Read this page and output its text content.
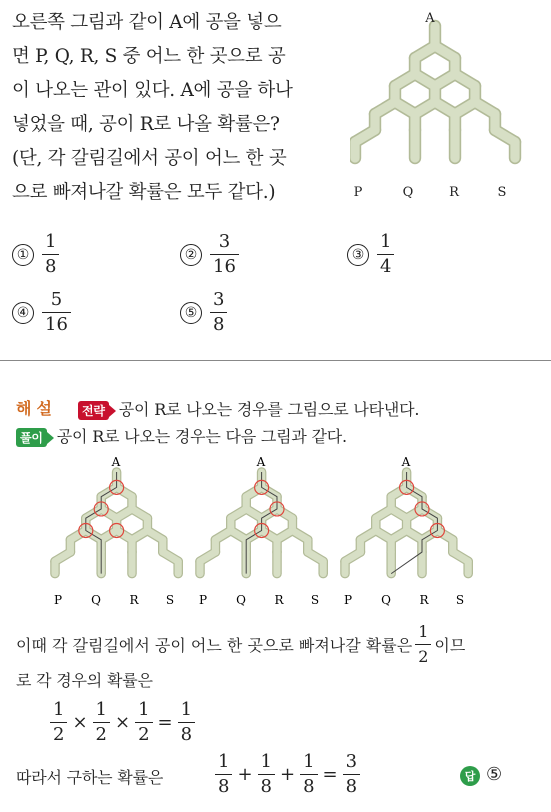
오른쪽 그림과 같이 A에 공을 넣으
면 P, Q, R, S 중 어느 한 곳으로 공
이 나오는 관이 있다. A에 공을 하나
넣었을 때, 공이 R로 나올 확률은?
(단, 각 갈림길에서 공이 어느 한 곳
으로 빠져나갈 확률은 모두 같다.)
A
P	Q	R	S
① $\frac{1}{8}$	② $\frac{3}{16}$	③ $\frac{1}{4}$
④ $\frac{5}{16}$	⑤ $\frac{3}{8}$
해설	전략 공이 R로 나오는 경우를 그림으로 나타낸다.
풀이 공이 R로 나오는 경우는 다음 그림과 같다.
A
P Q R S
A
P Q R S
A
P Q R S
이때 각 갈림길에서 공이 어느 한 곳으로 빠져나갈 확률은 $\frac{1}{2}$ 이므
로 각 경우의 확률은
$\frac{1}{2} \times \frac{1}{2} \times \frac{1}{2} = \frac{1}{8}$
따라서 구하는 확률은	$\frac{1}{8} + \frac{1}{8} + \frac{1}{8} = \frac{3}{8}$	답 ⑤
